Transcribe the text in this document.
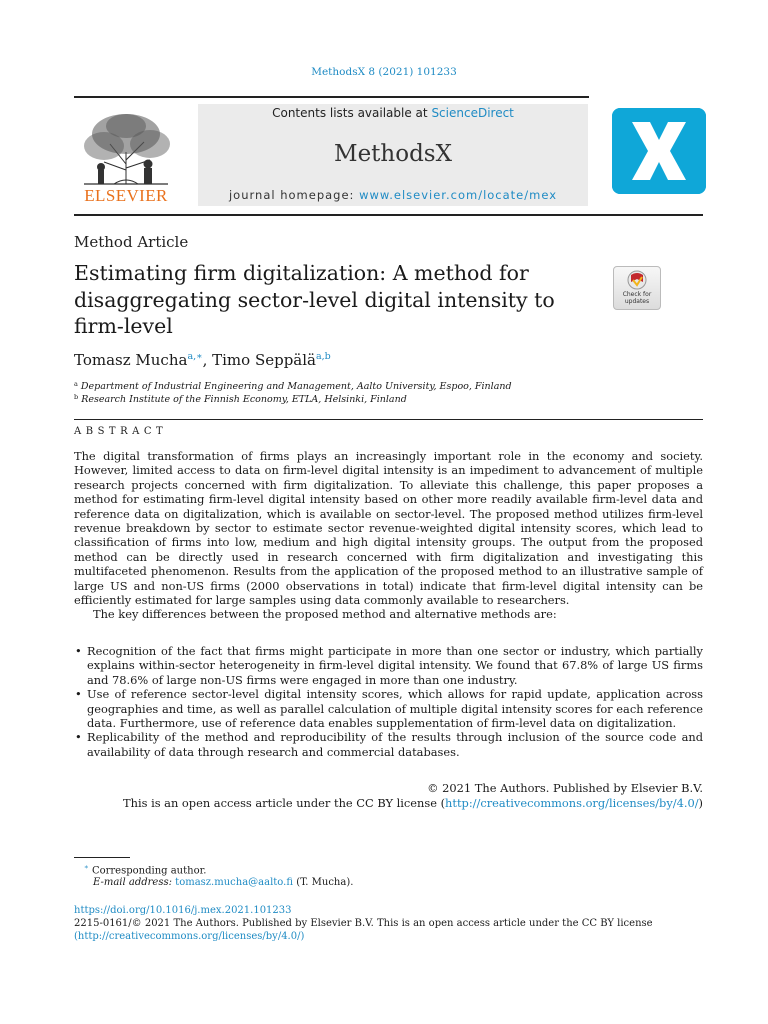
MethodsX 8 (2021) 101233
ELSEVIER
Contents lists available at ScienceDirect
MethodsX
journal homepage: www.elsevier.com/locate/mex
Method Article
Estimating firm digitalization: A method for disaggregating sector-level digital intensity to firm-level
Check for updates
Tomasz Mucha$^{a,∗}$, Timo Seppälä$^{a,b}$
$^a$ Department of Industrial Engineering and Management, Aalto University, Espoo, Finland
$^b$ Research Institute of the Finnish Economy, ETLA, Helsinki, Finland
ABSTRACT

The digital transformation of firms plays an increasingly important role in the economy and society. However, limited access to data on firm-level digital intensity is an impediment to advancement of multiple research projects concerned with firm digitalization. To alleviate this challenge, this paper proposes a method for estimating firm-level digital intensity based on other more readily available firm-level data and reference data on digitalization, which is available on sector-level. The proposed method utilizes firm-level revenue breakdown by sector to estimate sector revenue-weighted digital intensity scores, which lead to classification of firms into low, medium and high digital intensity groups. The output from the proposed method can be directly used in research concerned with firm digitalization and investigating this multifaceted phenomenon. Results from the application of the proposed method to an illustrative sample of large US and non-US firms (2000 observations in total) indicate that firm-level digital intensity can be efficiently estimated for large samples using data commonly available to researchers.

The key differences between the proposed method and alternative methods are:

• Recognition of the fact that firms might participate in more than one sector or industry, which partially explains within-sector heterogeneity in firm-level digital intensity. We found that 67.8% of large US firms and 78.6% of large non-US firms were engaged in more than one industry.
• Use of reference sector-level digital intensity scores, which allows for rapid update, application across geographies and time, as well as parallel calculation of multiple digital intensity scores for each reference data. Furthermore, use of reference data enables supplementation of firm-level data on digitalization.
• Replicability of the method and reproducibility of the results through inclusion of the source code and availability of data through research and commercial databases.
© 2021 The Authors. Published by Elsevier B.V.
This is an open access article under the CC BY license (http://creativecommons.org/licenses/by/4.0/)
∗ Corresponding author.
E-mail address: tomasz.mucha@aalto.fi (T. Mucha).
https://doi.org/10.1016/j.mex.2021.101233
2215-0161/© 2021 The Authors. Published by Elsevier B.V. This is an open access article under the CC BY license
(http://creativecommons.org/licenses/by/4.0/)
